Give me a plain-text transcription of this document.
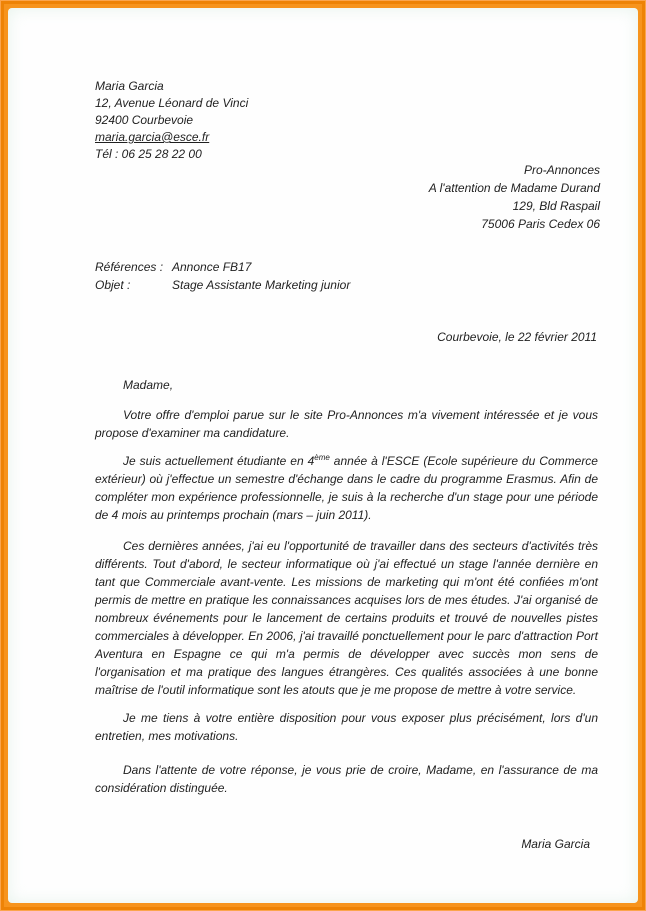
Maria Garcia
12, Avenue Léonard de Vinci
92400 Courbevoie
maria.garcia@esce.fr
Tél : 06 25 28 22 00
Pro-Annonces
A l'attention de Madame Durand
129, Bld Raspail
75006 Paris Cedex 06
Références : Annonce FB17
Objet :	Stage Assistante Marketing junior
Courbevoie, le 22 février 2011
Madame,

Votre offre d'emploi parue sur le site Pro-Annonces m'a vivement intéressée et je vous propose d'examiner ma candidature.

Je suis actuellement étudiante en 4ème année à l'ESCE (Ecole supérieure du Commerce extérieur) où j'effectue un semestre d'échange dans le cadre du programme Erasmus. Afin de compléter mon expérience professionnelle, je suis à la recherche d'un stage pour une période de 4 mois au printemps prochain (mars – juin 2011).

Ces dernières années, j'ai eu l'opportunité de travailler dans des secteurs d'activités très différents. Tout d'abord, le secteur informatique où j'ai effectué un stage l'année dernière en tant que Commerciale avant-vente. Les missions de marketing qui m'ont été confiées m'ont permis de mettre en pratique les connaissances acquises lors de mes études. J'ai organisé de nombreux événements pour le lancement de certains produits et trouvé de nouvelles pistes commerciales à développer. En 2006, j'ai travaillé ponctuellement pour le parc d'attraction Port Aventura en Espagne ce qui m'a permis de développer avec succès mon sens de l'organisation et ma pratique des langues étrangères. Ces qualités associées à une bonne maîtrise de l'outil informatique sont les atouts que je me propose de mettre à votre service.

Je me tiens à votre entière disposition pour vous exposer plus précisément, lors d'un entretien, mes motivations.

Dans l'attente de votre réponse, je vous prie de croire, Madame, en l'assurance de ma considération distinguée.

Maria Garcia
